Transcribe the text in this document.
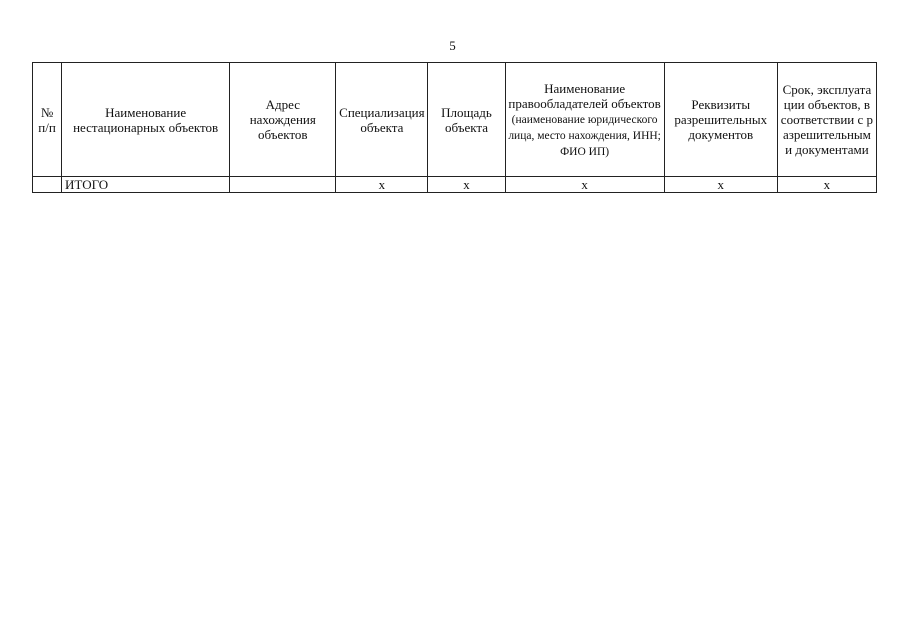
5
№ п/п	Наименование нестационарных объектов	Адрес нахождения объектов	Специализация объекта	Площадь объекта	Наименование правообладателей объектов (наименование юридического лица, место нахождения, ИНН; ФИО ИП)	Реквизиты разрешительных документов	Срок, эксплуатации объектов, в соответствии с разрешительными документами
	ИТОГО		х	х	х	х	х
